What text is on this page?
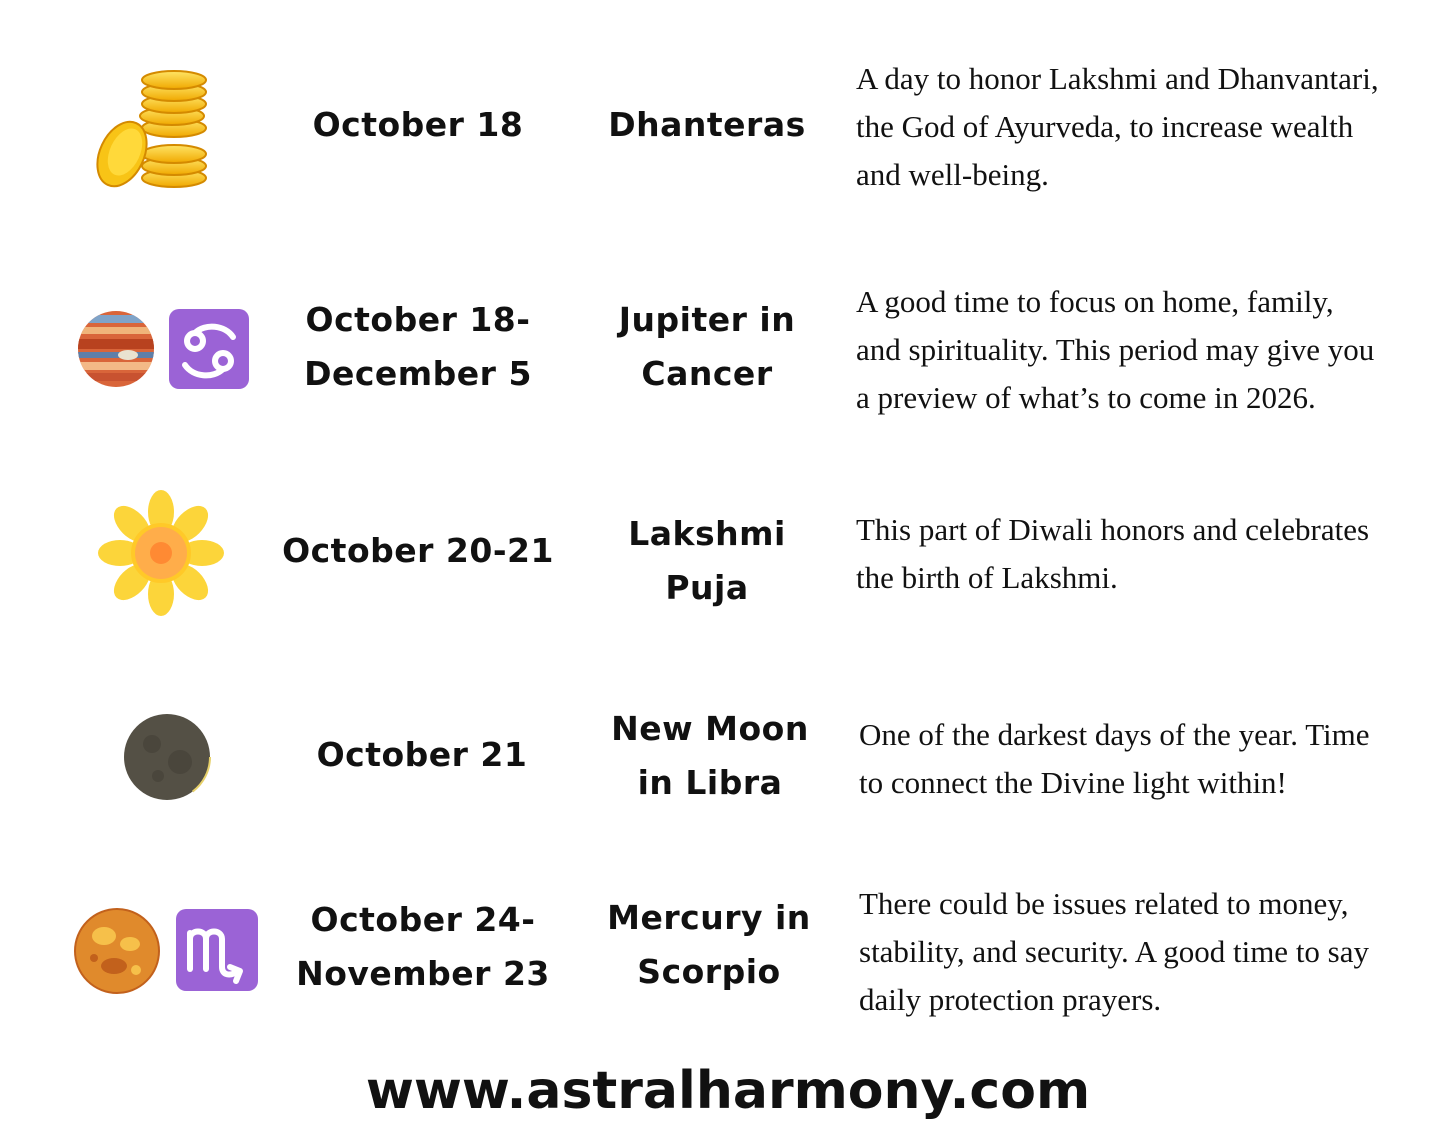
October 18	Dhanteras
A day to honor Lakshmi and Dhanvantari,
the God of Ayurveda, to increase wealth
and well-being.
October 18-
December 5
Jupiter in
Cancer
A good time to focus on home, family,
and spirituality. This period may give you
a preview of what’s to come in 2026.
October 20-21	Lakshmi
Puja
This part of Diwali honors and celebrates
the birth of Lakshmi.
October 21
New Moon
in Libra
One of the darkest days of the year. Time
to connect the Divine light within!
October 24-
November 23
Mercury in
Scorpio
There could be issues related to money,
stability, and security. A good time to say
daily protection prayers.
www.astralharmony.com
